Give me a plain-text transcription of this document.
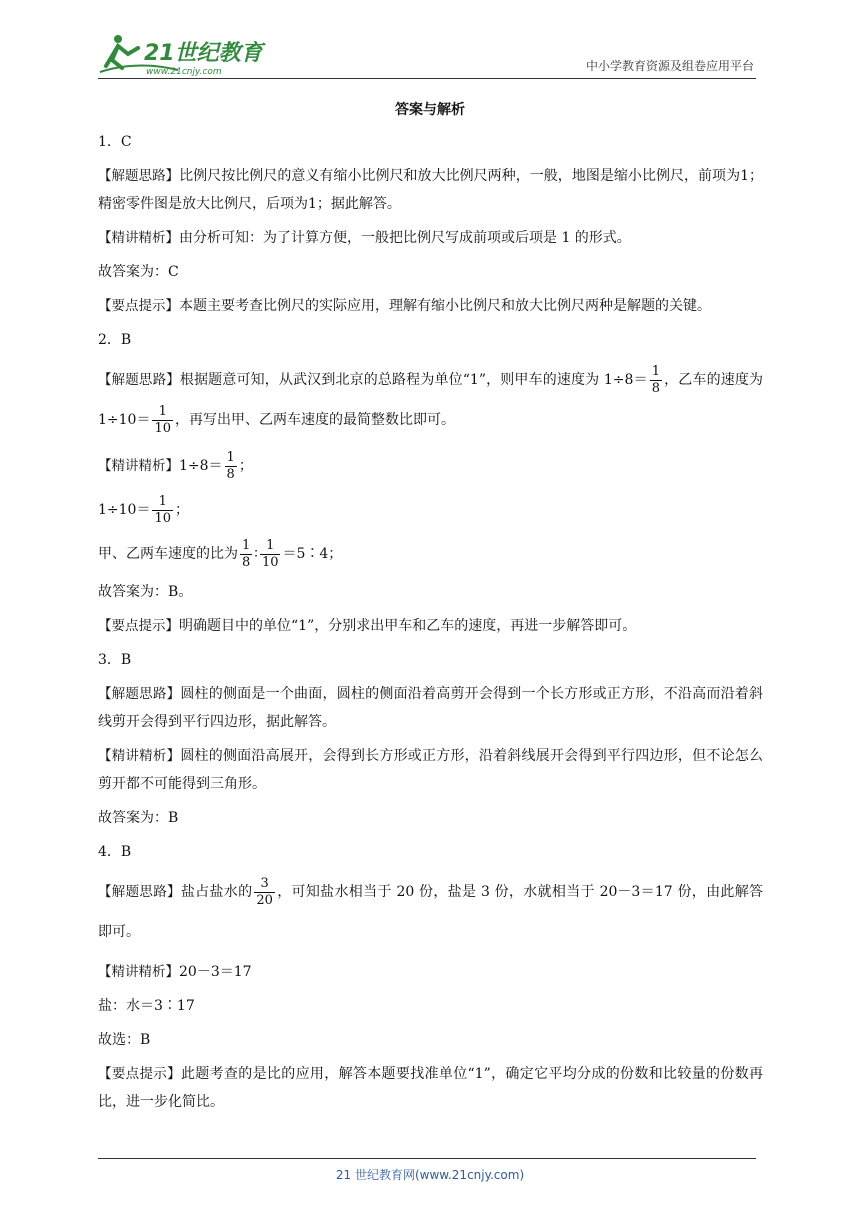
21世纪教育
www.21cnjy.com	中小学教育资源及组卷应用平台
答案与解析

1．C

【解题思路】比例尺按比例尺的意义有缩小比例尺和放大比例尺两种，一般，地图是缩小比例尺，前项为1；精密零件图是放大比例尺，后项为1；据此解答。

【精讲精析】由分析可知：为了计算方便，一般把比例尺写成前项或后项是 1 的形式。

故答案为：C

【要点提示】本题主要考查比例尺的实际应用，理解有缩小比例尺和放大比例尺两种是解题的关键。

2．B

【解题思路】根据题意可知，从武汉到北京的总路程为单位“1”，则甲车的速度为 $1\div 8= \frac{1}{8}$ ，乙车的速度为 $1\div 10= \frac{1}{10}$ ，再写出甲、乙两车速度的最简整数比即可。

【精讲精析】$1\div 8= \frac{1}{8}$ ；

$1\div 10= \frac{1}{10}$ ；

甲、乙两车速度的比为 $\frac{1}{8}$ ∶ $\frac{1}{10}$ ＝5∶4；

故答案为：B。

【要点提示】明确题目中的单位“1”，分别求出甲车和乙车的速度，再进一步解答即可。

3．B

【解题思路】圆柱的侧面是一个曲面，圆柱的侧面沿着高剪开会得到一个长方形或正方形，不沿高而沿着斜线剪开会得到平行四边形，据此解答。

【精讲精析】圆柱的侧面沿高展开，会得到长方形或正方形，沿着斜线展开会得到平行四边形，但不论怎么剪开都不可能得到三角形。

故答案为：B

4．B

【解题思路】盐占盐水的 $\frac{3}{20}$ ，可知盐水相当于 20 份，盐是 3 份，水就相当于 20－3＝17 份，由此解答即可。

【精讲精析】20－3＝17

盐：水＝3∶17

故选：B

【要点提示】此题考查的是比的应用，解答本题要找准单位“1”，确定它平均分成的份数和比较量的份数再比，进一步化简比。

21 世纪教育网(www.21cnjy.com)
